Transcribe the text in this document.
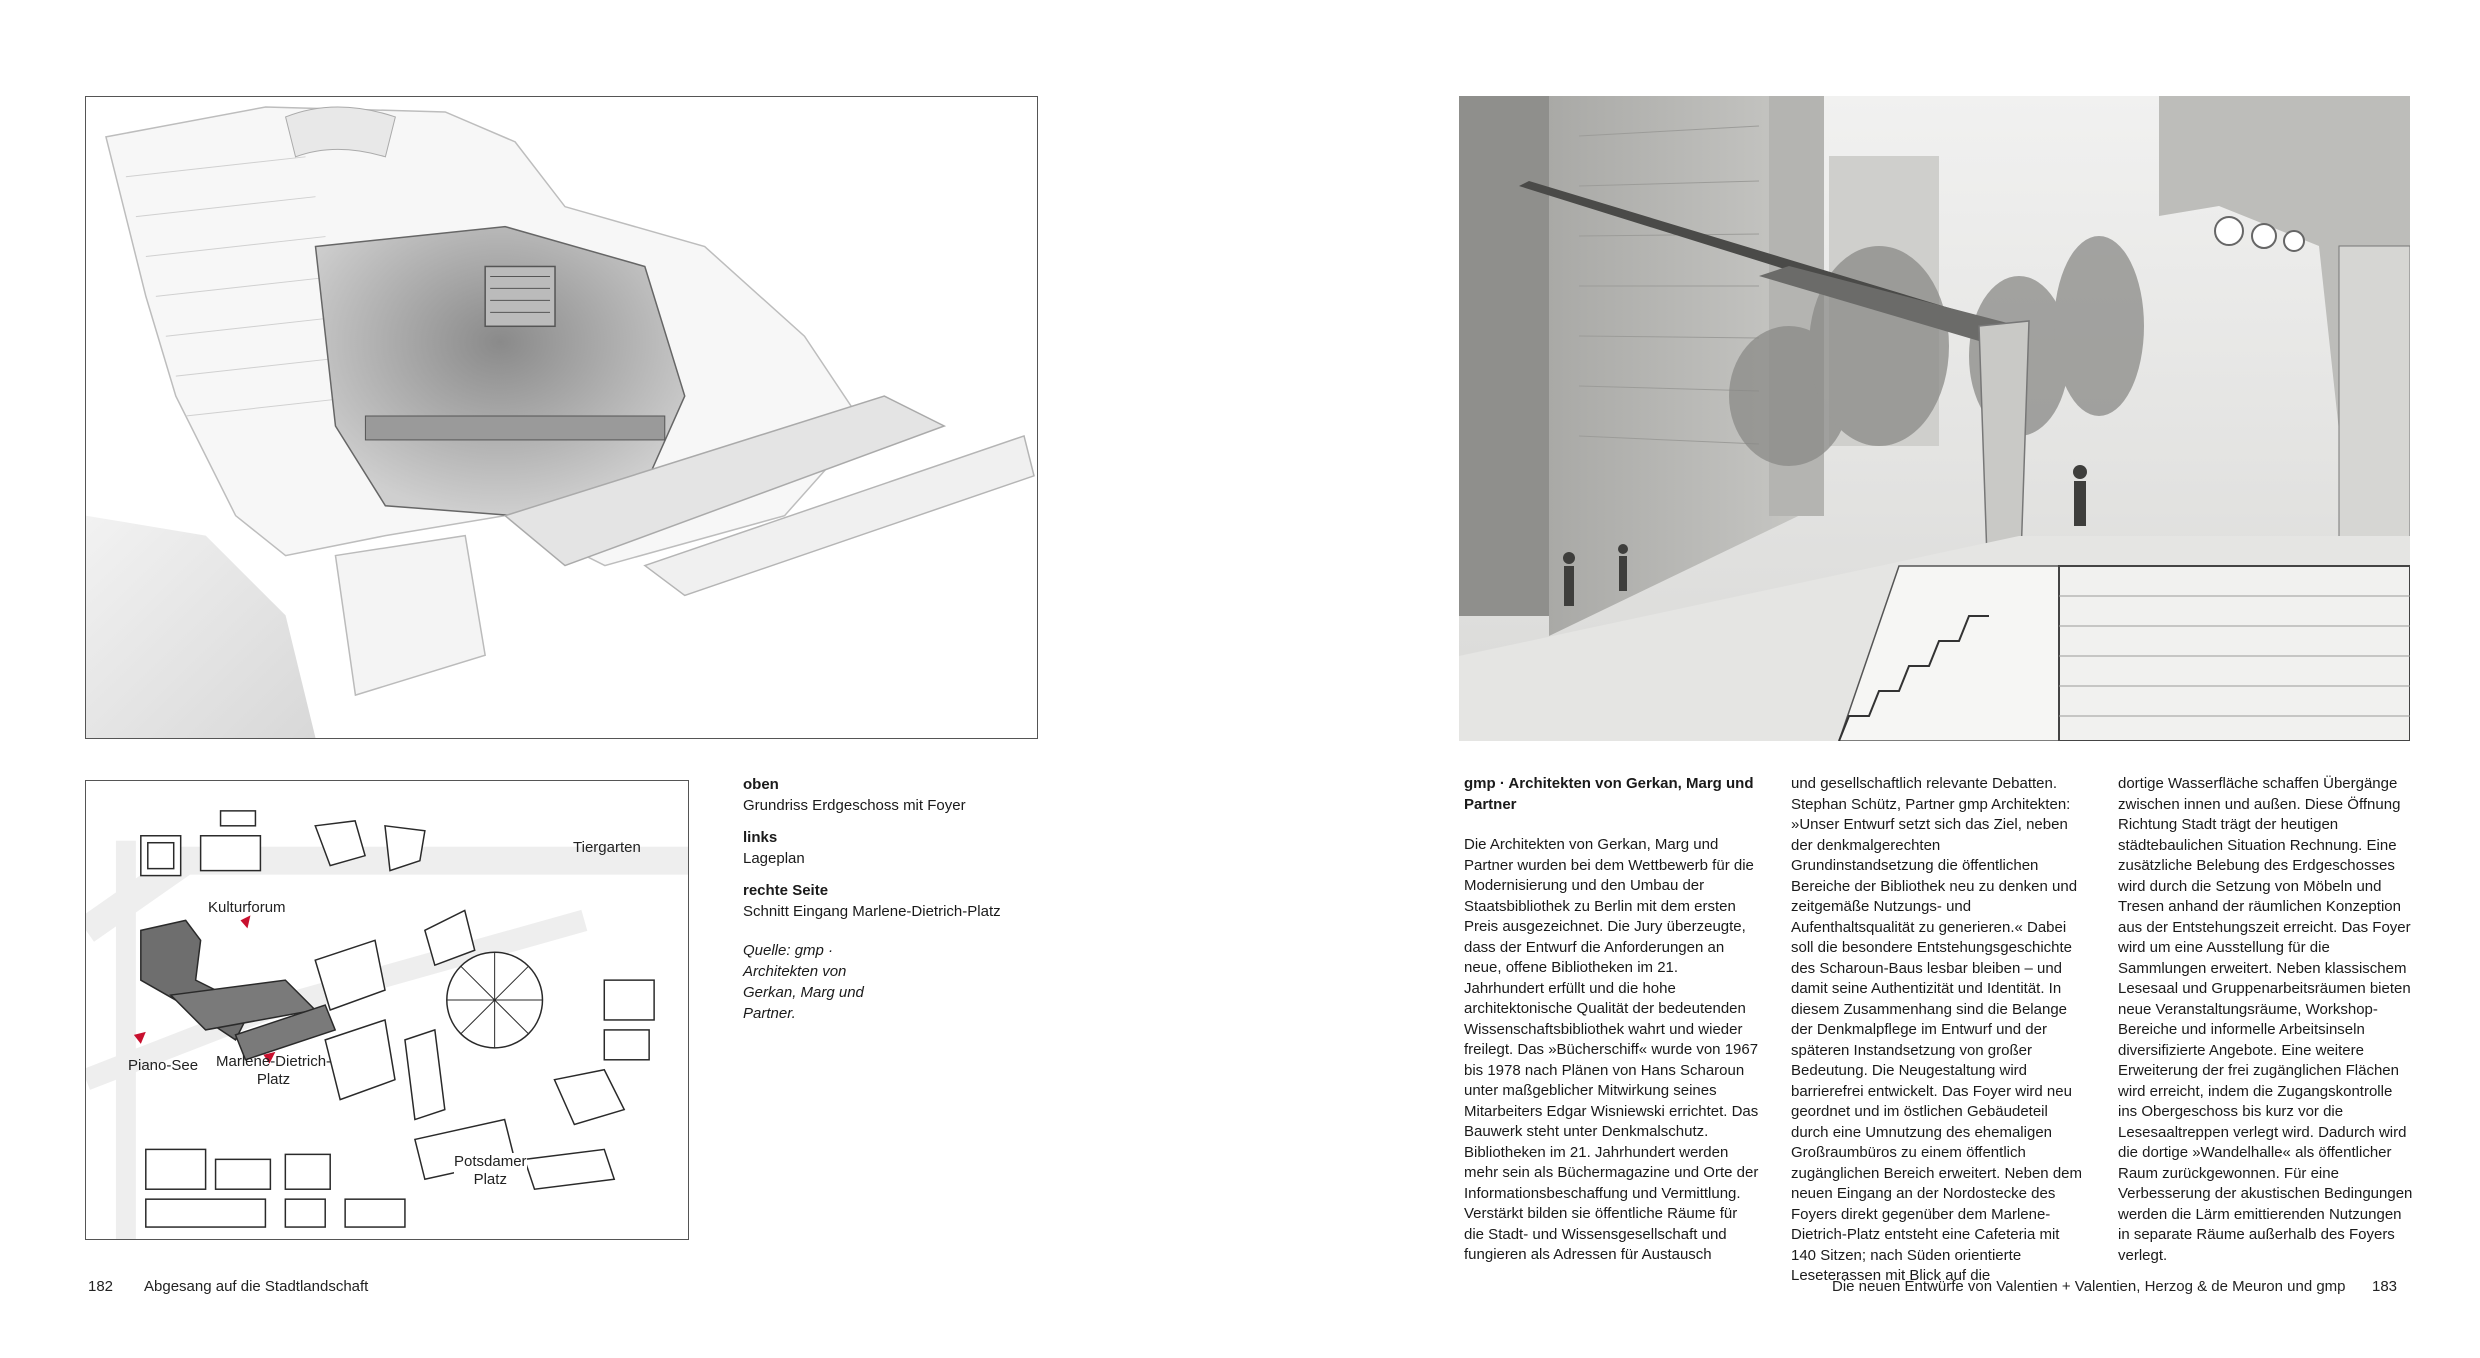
Tiergarten
Kulturforum
Piano-See Marlene-Dietrich-
Platz
Potsdamer
Platz
oben
Grundriss Erdgeschoss mit Foyer
links
Lageplan
rechte Seite
Schnitt Eingang Marlene-Dietrich-Platz
Quelle: gmp · Architekten von Gerkan, Marg und Partner.
182 Abgesang auf die Stadtlandschaft

gmp · Architekten von Gerkan, Marg und Partner

Die Architekten von Gerkan, Marg und Partner wurden bei dem Wettbewerb für die Modernisierung und den Umbau der Staatsbibliothek zu Berlin mit dem ersten Preis ausgezeichnet. Die Jury überzeugte, dass der Entwurf die Anforderungen an neue, offene Bibliotheken im 21. Jahrhundert erfüllt und die hohe architektonische Qualität der bedeutenden Wissenschaftsbibliothek wahrt und wieder freilegt. Das »Bücherschiff« wurde von 1967 bis 1978 nach Plänen von Hans Scharoun unter maßgeblicher Mitwirkung seines Mitarbeiters Edgar Wisniewski errichtet. Das Bauwerk steht unter Denkmalschutz. Bibliotheken im 21. Jahrhundert werden mehr sein als Büchermagazine und Orte der Informationsbeschaffung und Vermittlung. Verstärkt bilden sie öffentliche Räume für die Stadt- und Wissensgesellschaft und fungieren als Adressen für Austausch

und gesellschaftlich relevante Debatten. Stephan Schütz, Partner gmp Architekten: »Unser Entwurf setzt sich das Ziel, neben der denkmalgerechten Grundinstandsetzung die öffentlichen Bereiche der Bibliothek neu zu denken und zeitgemäße Nutzungs- und Aufenthaltsqualität zu generieren.« Dabei soll die besondere Entstehungsgeschichte des Scharoun-Baus lesbar bleiben – und damit seine Authentizität und Identität. In diesem Zusammenhang sind die Belange der Denkmalpflege im Entwurf und der späteren Instandsetzung von großer Bedeutung. Die Neugestaltung wird barrierefrei entwickelt. Das Foyer wird neu geordnet und im östlichen Gebäudeteil durch eine Umnutzung des ehemaligen Großraumbüros zu einem öffentlich zugänglichen Bereich erweitert. Neben dem neuen Eingang an der Nordostecke des Foyers direkt gegenüber dem Marlene-Dietrich-Platz entsteht eine Cafeteria mit 140 Sitzen; nach Süden orientierte Leseterassen mit Blick auf die

dortige Wasserfläche schaffen Übergänge zwischen innen und außen. Diese Öffnung Richtung Stadt trägt der heutigen städtebaulichen Situation Rechnung. Eine zusätzliche Belebung des Erdgeschosses wird durch die Setzung von Möbeln und Tresen anhand der räumlichen Konzeption aus der Entstehungszeit erreicht. Das Foyer wird um eine Ausstellung für die Sammlungen erweitert. Neben klassischem Lesesaal und Gruppenarbeitsräumen bieten neue Veranstaltungsräume, Workshop-Bereiche und informelle Arbeitsinseln diversifizierte Angebote. Eine weitere Erweiterung der frei zugänglichen Flächen wird erreicht, indem die Zugangskontrolle ins Obergeschoss bis kurz vor die Lesesaaltreppen verlegt wird. Dadurch wird die dortige »Wandelhalle« als öffentlicher Raum zurückgewonnen. Für eine Verbesserung der akustischen Bedingungen werden die Lärm emittierenden Nutzungen in separate Räume außerhalb des Foyers verlegt.

Die neuen Entwürfe von Valentien + Valentien, Herzog & de Meuron und gmp 183
